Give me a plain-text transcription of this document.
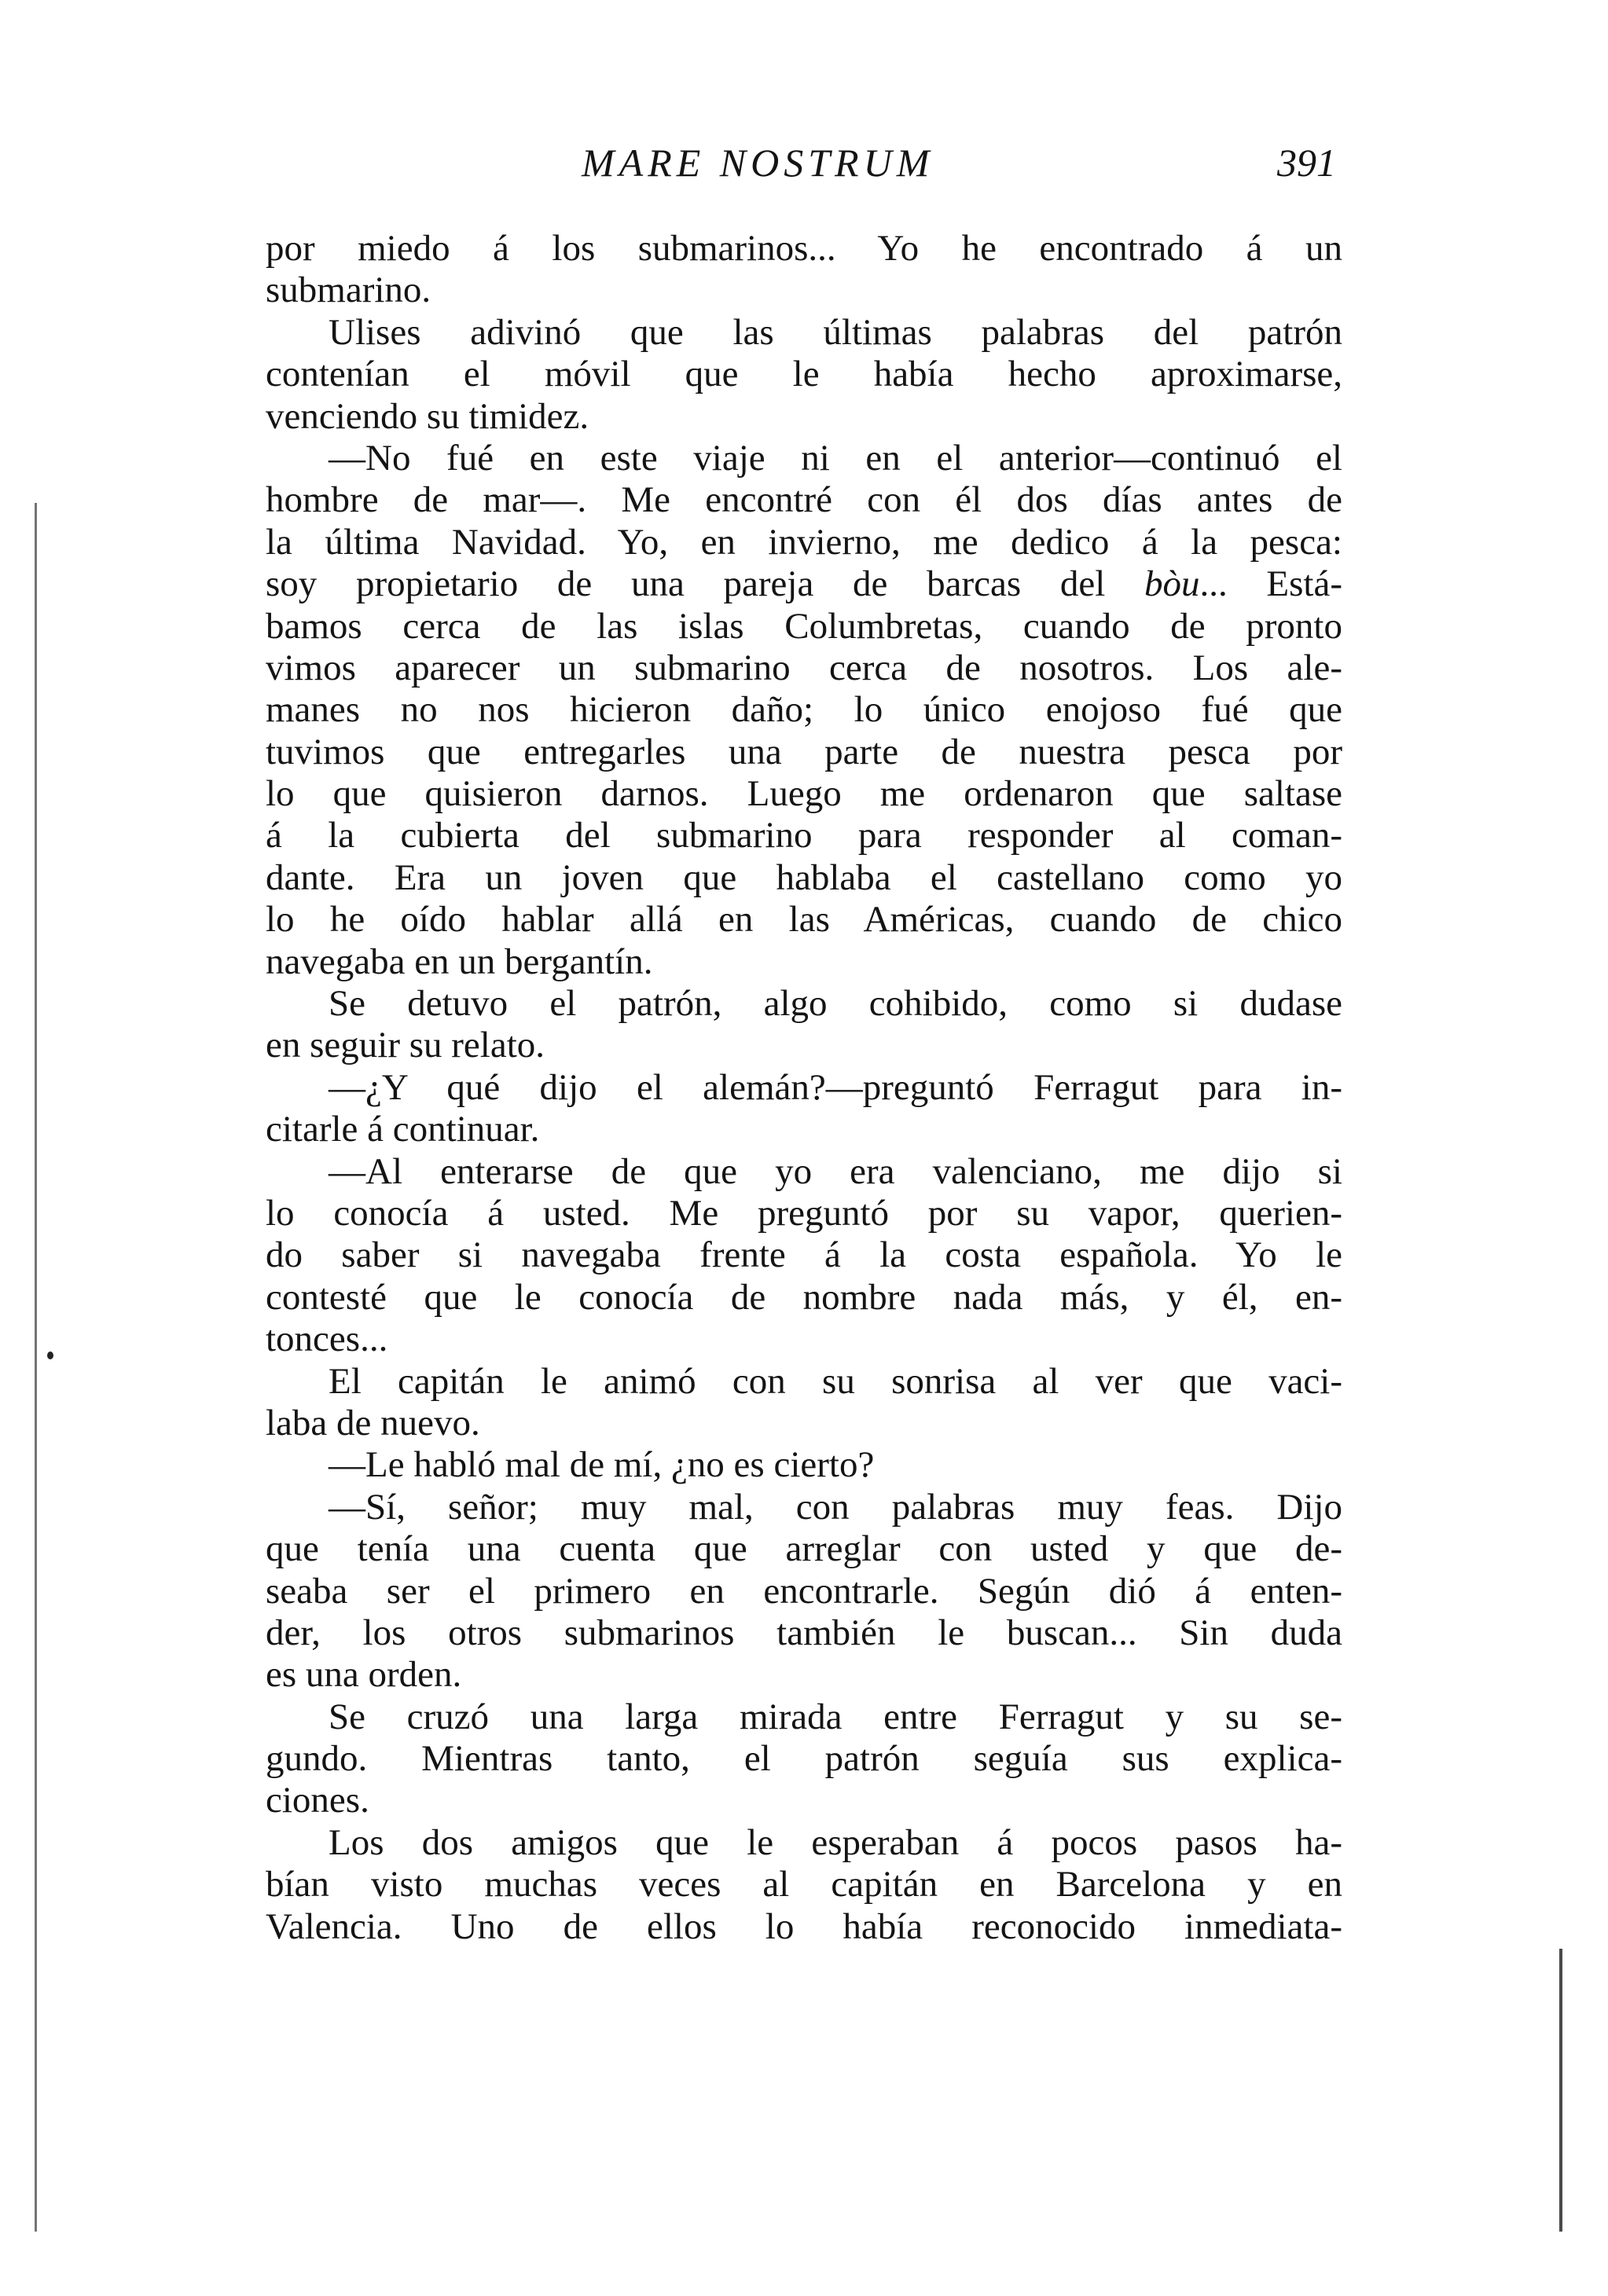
MARE NOSTRUM	391
por miedo á los submarinos... Yo he encontrado á un
submarino.
Ulises adivinó que las últimas palabras del patrón
contenían el móvil que le había hecho aproximarse,
venciendo su timidez.
—No fué en este viaje ni en el anterior—continuó el
hombre de mar—. Me encontré con él dos días antes de
la última Navidad. Yo, en invierno, me dedico á la pesca:
soy propietario de una pareja de barcas del bòu... Está-
bamos cerca de las islas Columbretas, cuando de pronto
vimos aparecer un submarino cerca de nosotros. Los ale-
manes no nos hicieron daño; lo único enojoso fué que
tuvimos que entregarles una parte de nuestra pesca por
lo que quisieron darnos. Luego me ordenaron que saltase
á la cubierta del submarino para responder al coman-
dante. Era un joven que hablaba el castellano como yo
lo he oído hablar allá en las Américas, cuando de chico
navegaba en un bergantín.
Se detuvo el patrón, algo cohibido, como si dudase
en seguir su relato.
—¿Y qué dijo el alemán?—preguntó Ferragut para in-
citarle á continuar.
—Al enterarse de que yo era valenciano, me dijo si
lo conocía á usted. Me preguntó por su vapor, querien-
do saber si navegaba frente á la costa española. Yo le
contesté que le conocía de nombre nada más, y él, en-
tonces...
El capitán le animó con su sonrisa al ver que vaci-
laba de nuevo.
—Le habló mal de mí, ¿no es cierto?
—Sí, señor; muy mal, con palabras muy feas. Dijo
que tenía una cuenta que arreglar con usted y que de-
seaba ser el primero en encontrarle. Según dió á enten-
der, los otros submarinos también le buscan... Sin duda
es una orden.
Se cruzó una larga mirada entre Ferragut y su se-
gundo. Mientras tanto, el patrón seguía sus explica-
ciones.
Los dos amigos que le esperaban á pocos pasos ha-
bían visto muchas veces al capitán en Barcelona y en
Valencia. Uno de ellos lo había reconocido inmediata-
